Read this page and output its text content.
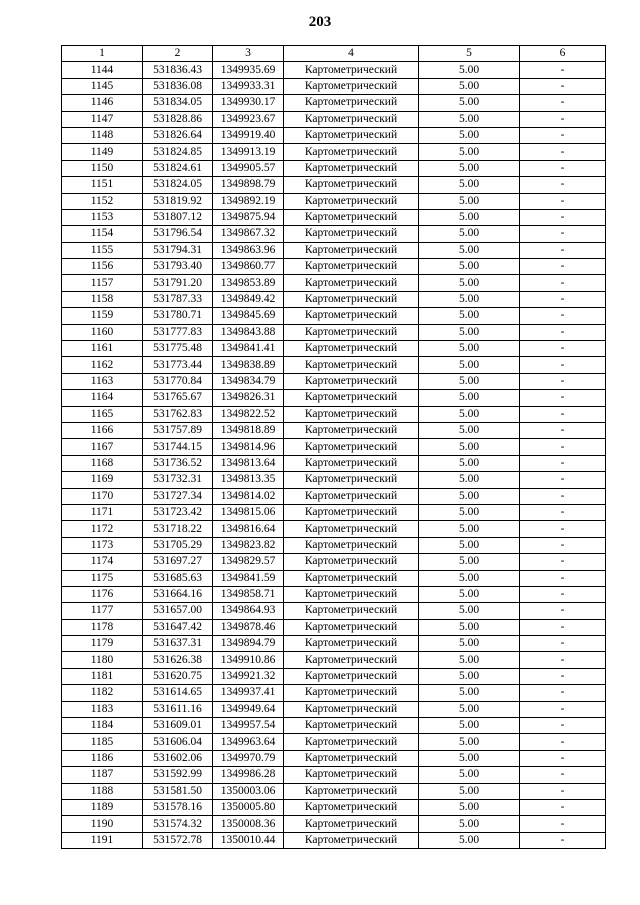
203
1	2	3	4	5	6
1144	531836.43	1349935.69	Картометрический	5.00	-
1145	531836.08	1349933.31	Картометрический	5.00	-
1146	531834.05	1349930.17	Картометрический	5.00	-
1147	531828.86	1349923.67	Картометрический	5.00	-
1148	531826.64	1349919.40	Картометрический	5.00	-
1149	531824.85	1349913.19	Картометрический	5.00	-
1150	531824.61	1349905.57	Картометрический	5.00	-
1151	531824.05	1349898.79	Картометрический	5.00	-
1152	531819.92	1349892.19	Картометрический	5.00	-
1153	531807.12	1349875.94	Картометрический	5.00	-
1154	531796.54	1349867.32	Картометрический	5.00	-
1155	531794.31	1349863.96	Картометрический	5.00	-
1156	531793.40	1349860.77	Картометрический	5.00	-
1157	531791.20	1349853.89	Картометрический	5.00	-
1158	531787.33	1349849.42	Картометрический	5.00	-
1159	531780.71	1349845.69	Картометрический	5.00	-
1160	531777.83	1349843.88	Картометрический	5.00	-
1161	531775.48	1349841.41	Картометрический	5.00	-
1162	531773.44	1349838.89	Картометрический	5.00	-
1163	531770.84	1349834.79	Картометрический	5.00	-
1164	531765.67	1349826.31	Картометрический	5.00	-
1165	531762.83	1349822.52	Картометрический	5.00	-
1166	531757.89	1349818.89	Картометрический	5.00	-
1167	531744.15	1349814.96	Картометрический	5.00	-
1168	531736.52	1349813.64	Картометрический	5.00	-
1169	531732.31	1349813.35	Картометрический	5.00	-
1170	531727.34	1349814.02	Картометрический	5.00	-
1171	531723.42	1349815.06	Картометрический	5.00	-
1172	531718.22	1349816.64	Картометрический	5.00	-
1173	531705.29	1349823.82	Картометрический	5.00	-
1174	531697.27	1349829.57	Картометрический	5.00	-
1175	531685.63	1349841.59	Картометрический	5.00	-
1176	531664.16	1349858.71	Картометрический	5.00	-
1177	531657.00	1349864.93	Картометрический	5.00	-
1178	531647.42	1349878.46	Картометрический	5.00	-
1179	531637.31	1349894.79	Картометрический	5.00	-
1180	531626.38	1349910.86	Картометрический	5.00	-
1181	531620.75	1349921.32	Картометрический	5.00	-
1182	531614.65	1349937.41	Картометрический	5.00	-
1183	531611.16	1349949.64	Картометрический	5.00	-
1184	531609.01	1349957.54	Картометрический	5.00	-
1185	531606.04	1349963.64	Картометрический	5.00	-
1186	531602.06	1349970.79	Картометрический	5.00	-
1187	531592.99	1349986.28	Картометрический	5.00	-
1188	531581.50	1350003.06	Картометрический	5.00	-
1189	531578.16	1350005.80	Картометрический	5.00	-
1190	531574.32	1350008.36	Картометрический	5.00	-
1191	531572.78	1350010.44	Картометрический	5.00	-
